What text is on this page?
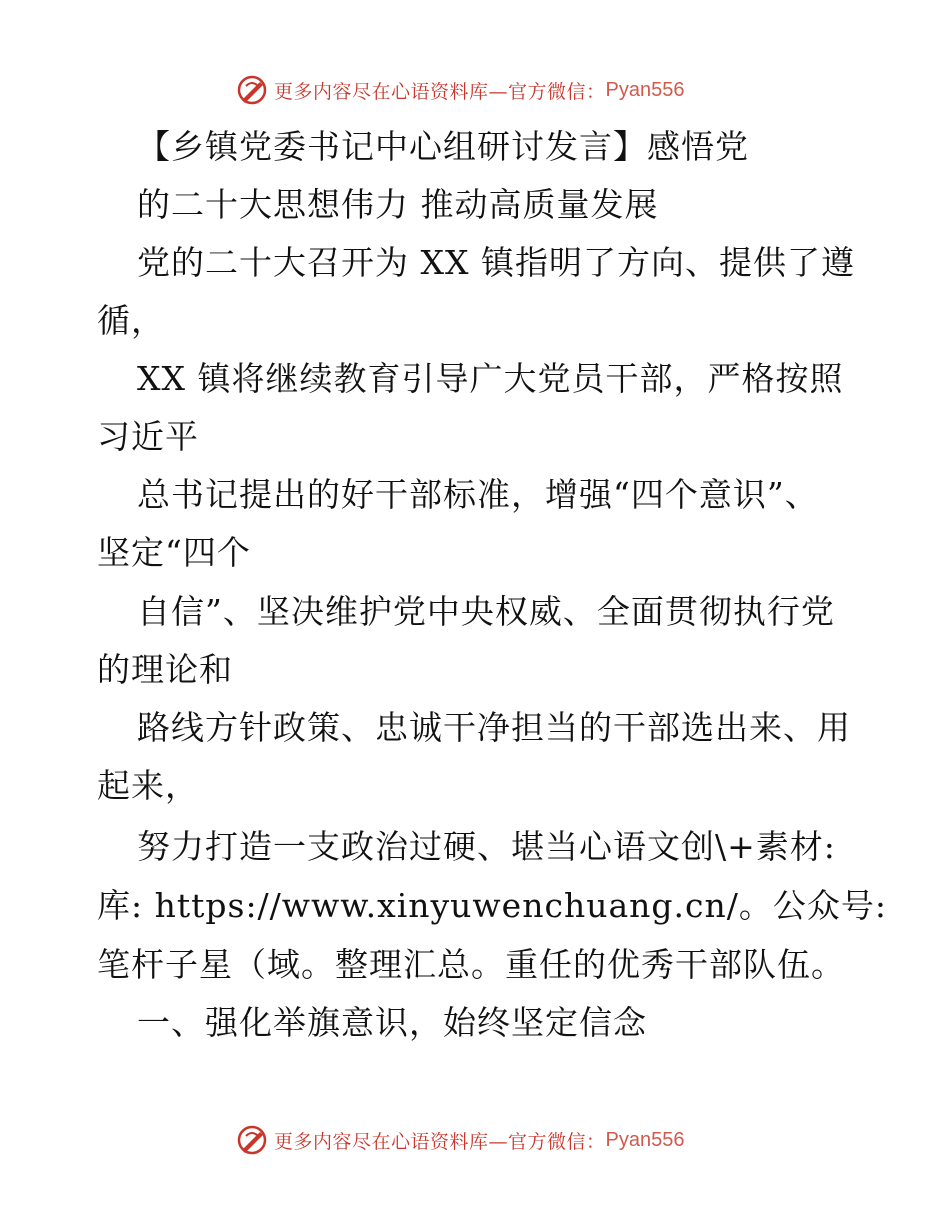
更多内容尽在心语资料库—官方微信： Pyan556
【乡镇党委书记中心组研讨发言】感悟党
的二十大思想伟力 推动高质量发展
党的二十大召开为 XX 镇指明了方向、提供了遵
循，
XX 镇将继续教育引导广大党员干部，严格按照
习近平
总书记提出的好干部标准，增强“四个意识”、
坚定“四个
自信”、坚决维护党中央权威、全面贯彻执行党
的理论和
路线方针政策、忠诚干净担当的干部选出来、用
起来，
努力打造一支政治过硬、堪当心语文创\+素材:
库: https://www.xinyuwenchuang.cn/。公众号:
笔杆子星（域。整理汇总。重任的优秀干部队伍。
一、强化举旗意识，始终坚定信念
更多内容尽在心语资料库—官方微信： Pyan556
